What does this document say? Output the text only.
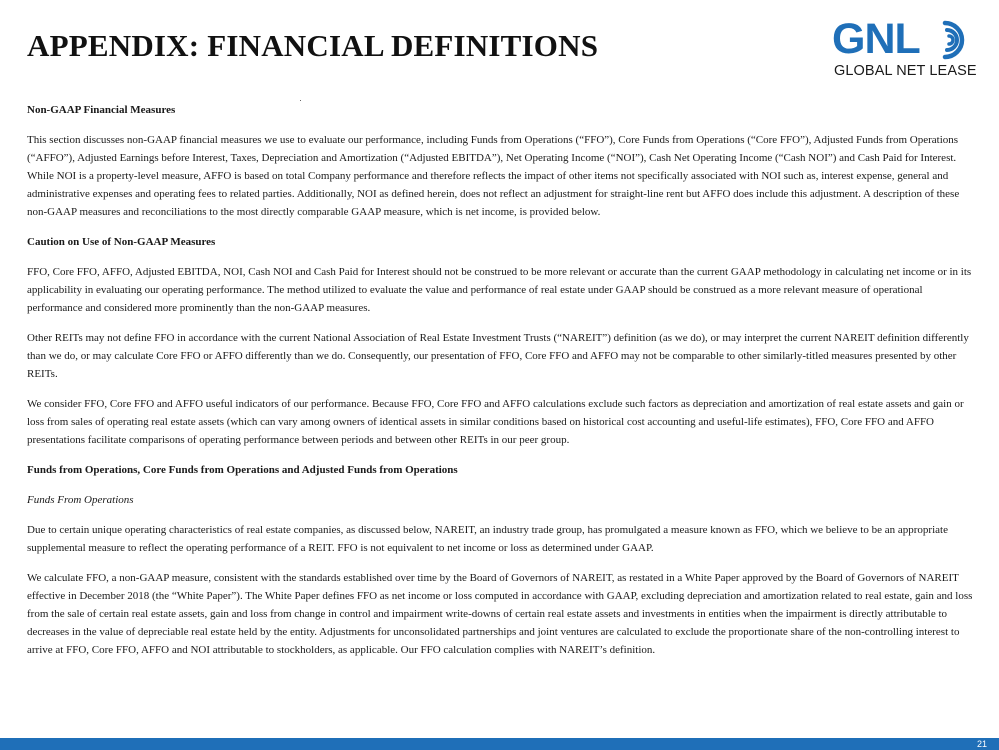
APPENDIX: FINANCIAL DEFINITIONS	GNL
GLOBAL NET LEASE

Non-GAAP Financial Measures

This section discusses non-GAAP financial measures we use to evaluate our performance, including Funds from Operations (“FFO”), Core Funds from Operations (“Core FFO”), Adjusted Funds from Operations (“AFFO”), Adjusted Earnings before Interest, Taxes, Depreciation and Amortization (“Adjusted EBITDA”), Net Operating Income (“NOI”), Cash Net Operating Income (“Cash NOI”) and Cash Paid for Interest. While NOI is a property-level measure, AFFO is based on total Company performance and therefore reflects the impact of other items not specifically associated with NOI such as, interest expense, general and administrative expenses and operating fees to related parties. Additionally, NOI as defined herein, does not reflect an adjustment for straight-line rent but AFFO does include this adjustment. A description of these non-GAAP measures and reconciliations to the most directly comparable GAAP measure, which is net income, is provided below.

Caution on Use of Non-GAAP Measures

FFO, Core FFO, AFFO, Adjusted EBITDA, NOI, Cash NOI and Cash Paid for Interest should not be construed to be more relevant or accurate than the current GAAP methodology in calculating net income or in its applicability in evaluating our operating performance. The method utilized to evaluate the value and performance of real estate under GAAP should be construed as a more relevant measure of operational performance and considered more prominently than the non-GAAP measures.

Other REITs may not define FFO in accordance with the current National Association of Real Estate Investment Trusts (“NAREIT”) definition (as we do), or may interpret the current NAREIT definition differently than we do, or may calculate Core FFO or AFFO differently than we do. Consequently, our presentation of FFO, Core FFO and AFFO may not be comparable to other similarly-titled measures presented by other REITs.

We consider FFO, Core FFO and AFFO useful indicators of our performance. Because FFO, Core FFO and AFFO calculations exclude such factors as depreciation and amortization of real estate assets and gain or loss from sales of operating real estate assets (which can vary among owners of identical assets in similar conditions based on historical cost accounting and useful-life estimates), FFO, Core FFO and AFFO presentations facilitate comparisons of operating performance between periods and between other REITs in our peer group.

Funds from Operations, Core Funds from Operations and Adjusted Funds from Operations

Funds From Operations

Due to certain unique operating characteristics of real estate companies, as discussed below, NAREIT, an industry trade group, has promulgated a measure known as FFO, which we believe to be an appropriate supplemental measure to reflect the operating performance of a REIT. FFO is not equivalent to net income or loss as determined under GAAP.

We calculate FFO, a non-GAAP measure, consistent with the standards established over time by the Board of Governors of NAREIT, as restated in a White Paper approved by the Board of Governors of NAREIT effective in December 2018 (the “White Paper”). The White Paper defines FFO as net income or loss computed in accordance with GAAP, excluding depreciation and amortization related to real estate, gain and loss from the sale of certain real estate assets, gain and loss from change in control and impairment write-downs of certain real estate assets and investments in entities when the impairment is directly attributable to decreases in the value of depreciable real estate held by the entity. Adjustments for unconsolidated partnerships and joint ventures are calculated to exclude the proportionate share of the non-controlling interest to arrive at FFO, Core FFO, AFFO and NOI attributable to stockholders, as applicable. Our FFO calculation complies with NAREIT’s definition.

21
